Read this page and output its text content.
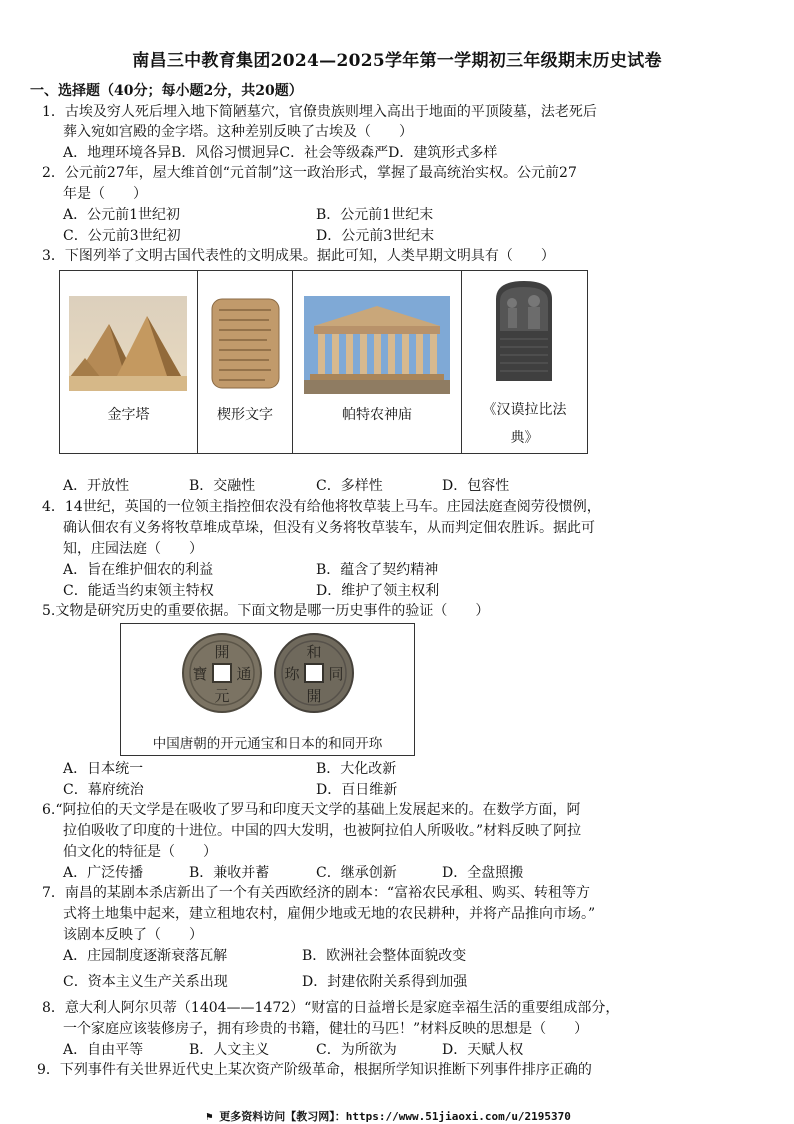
南昌三中教育集团2024—2025学年第一学期初三年级期末历史试卷
一、选择题（40分；每小题2分，共20题）
1．古埃及穷人死后埋入地下简陋墓穴，官僚贵族则埋入高出于地面的平顶陵墓，法老死后
葬入宛如宫殿的金字塔。这种差别反映了古埃及（　　）
A．地理环境各异B．风俗习惯迥异C．社会等级森严D．建筑形式多样
2．公元前27年，屋大维首创“元首制”这一政治形式，掌握了最高统治实权。公元前27
年是（　　）
A．公元前1世纪初	B．公元前1世纪末
C．公元前3世纪初	D．公元前3世纪末
3．下图列举了文明古国代表性的文明成果。据此可知，人类早期文明具有（　　）
金字塔	楔形文字	帕特农神庙	《汉谟拉比法
典》
A．开放性	B．交融性	C．多样性	D．包容性
4．14世纪，英国的一位领主指控佃农没有给他将牧草装上马车。庄园法庭查阅劳役惯例，
确认佃农有义务将牧草堆成草垛，但没有义务将牧草装车，从而判定佃农胜诉。据此可
知，庄园法庭（　　）
A．旨在维护佃农的利益	B．蕴含了契约精神
C．能适当约束领主特权	D．维护了领主权利
5.文物是研究历史的重要依据。下面文物是哪一历史事件的验证（　　）
開
元
通
寶
和
同
開
珎
中国唐朝的开元通宝和日本的和同开珎
A．日本统一	B．大化改新
C．幕府统治	D．百日维新
6.“阿拉伯的天文学是在吸收了罗马和印度天文学的基础上发展起来的。在数学方面，阿
拉伯吸收了印度的十进位。中国的四大发明，也被阿拉伯人所吸收。”材料反映了阿拉
伯文化的特征是（　　）
A．广泛传播	B．兼收并蓄	C．继承创新	D．全盘照搬
7．南昌的某剧本杀店新出了一个有关西欧经济的剧本：“富裕农民承租、购买、转租等方
式将土地集中起来，建立租地农村，雇佣少地或无地的农民耕种，并将产品推向市场。”
该剧本反映了（　　）
A．庄园制度逐渐衰落瓦解	B．欧洲社会整体面貌改变
C．资本主义生产关系出现	D．封建依附关系得到加强
8．意大利人阿尔贝蒂（1404——1472）“财富的日益增长是家庭幸福生活的重要组成部分，
一个家庭应该装修房子，拥有珍贵的书籍，健壮的马匹！”材料反映的思想是（　　）
A．自由平等	B．人文主义	C．为所欲为	D．天赋人权
9．下列事件有关世界近代史上某次资产阶级革命，根据所学知识推断下列事件排序正确的
⚑ 更多资料访问【教习网】：https://www.51jiaoxi.com/u/2195370
